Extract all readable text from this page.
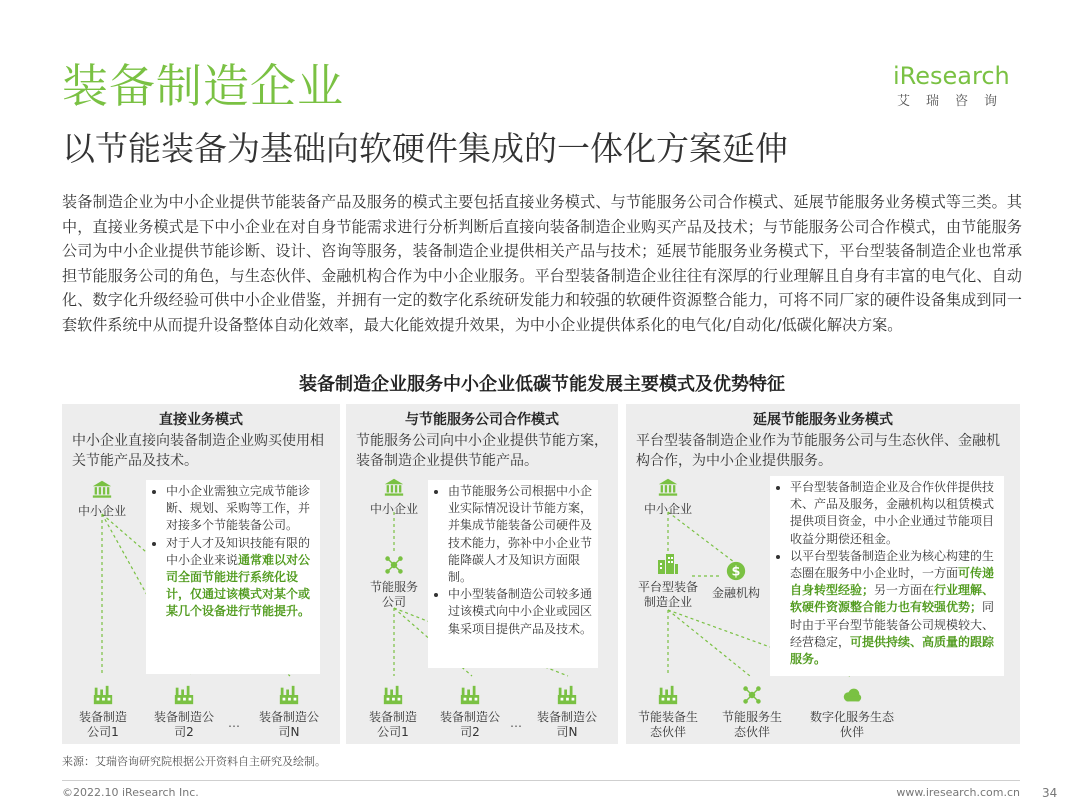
装备制造企业
以节能装备为基础向软硬件集成的一体化方案延伸
iResearch
艾瑞咨询
装备制造企业为中小企业提供节能装备产品及服务的模式主要包括直接业务模式、与节能服务公司合作模式、延展节能服务业务模式等三类。其中，直接业务模式是下中小企业在对自身节能需求进行分析判断后直接向装备制造企业购买产品及技术；与节能服务公司合作模式，由节能服务公司为中小企业提供节能诊断、设计、咨询等服务，装备制造企业提供相关产品与技术；延展节能服务业务模式下，平台型装备制造企业也常承担节能服务公司的角色，与生态伙伴、金融机构合作为中小企业服务。平台型装备制造企业往往有深厚的行业理解且自身有丰富的电气化、自动化、数字化升级经验可供中小企业借鉴，并拥有一定的数字化系统研发能力和较强的软硬件资源整合能力，可将不同厂家的硬件设备集成到同一套软件系统中从而提升设备整体自动化效率，最大化能效提升效果，为中小企业提供体系化的电气化/自动化/低碳化解决方案。
装备制造企业服务中小企业低碳节能发展主要模式及优势特征
直接业务模式
中小企业直接向装备制造企业购买使用相关节能产品及技术。
中小企业
• 中小企业需独立完成节能诊断、规划、采购等工作，并对接多个节能装备公司。
• 对于人才及知识技能有限的中小企业来说通常难以对公司全面节能进行系统化设计，仅通过该模式对某个或某几个设备进行节能提升。
装备制造公司1
装备制造公司2
… 装备制造公司N
与节能服务公司合作模式
节能服务公司向中小企业提供节能方案，装备制造企业提供节能产品。
中小企业
节能服务公司
• 由节能服务公司根据中小企业实际情况设计节能方案，并集成节能装备公司硬件及技术能力，弥补中小企业节能降碳人才及知识方面限制。
• 中小型装备制造公司较多通过该模式向中小企业或园区集采项目提供产品及技术。
装备制造公司1
装备制造公司2
… 装备制造公司N
延展节能服务业务模式
平台型装备制造企业作为节能服务公司与生态伙伴、金融机构合作，为中小企业提供服务。
中小企业
平台型装备制造企业
金融机构
• 平台型装备制造企业及合作伙伴提供技术、产品及服务，金融机构以租赁模式提供项目资金，中小企业通过节能项目收益分期偿还租金。
• 以平台型装备制造企业为核心构建的生态圈在服务中小企业时，一方面可传递自身转型经验；另一方面在行业理解、软硬件资源整合能力也有较强优势；同时由于平台型节能装备公司规模较大、经营稳定，可提供持续、高质量的跟踪服务。
节能装备生态伙伴
节能服务生态伙伴
数字化服务生态伙伴
来源：艾瑞咨询研究院根据公开资料自主研究及绘制。
©2022.10 iResearch Inc.	www.iresearch.com.cn 34
